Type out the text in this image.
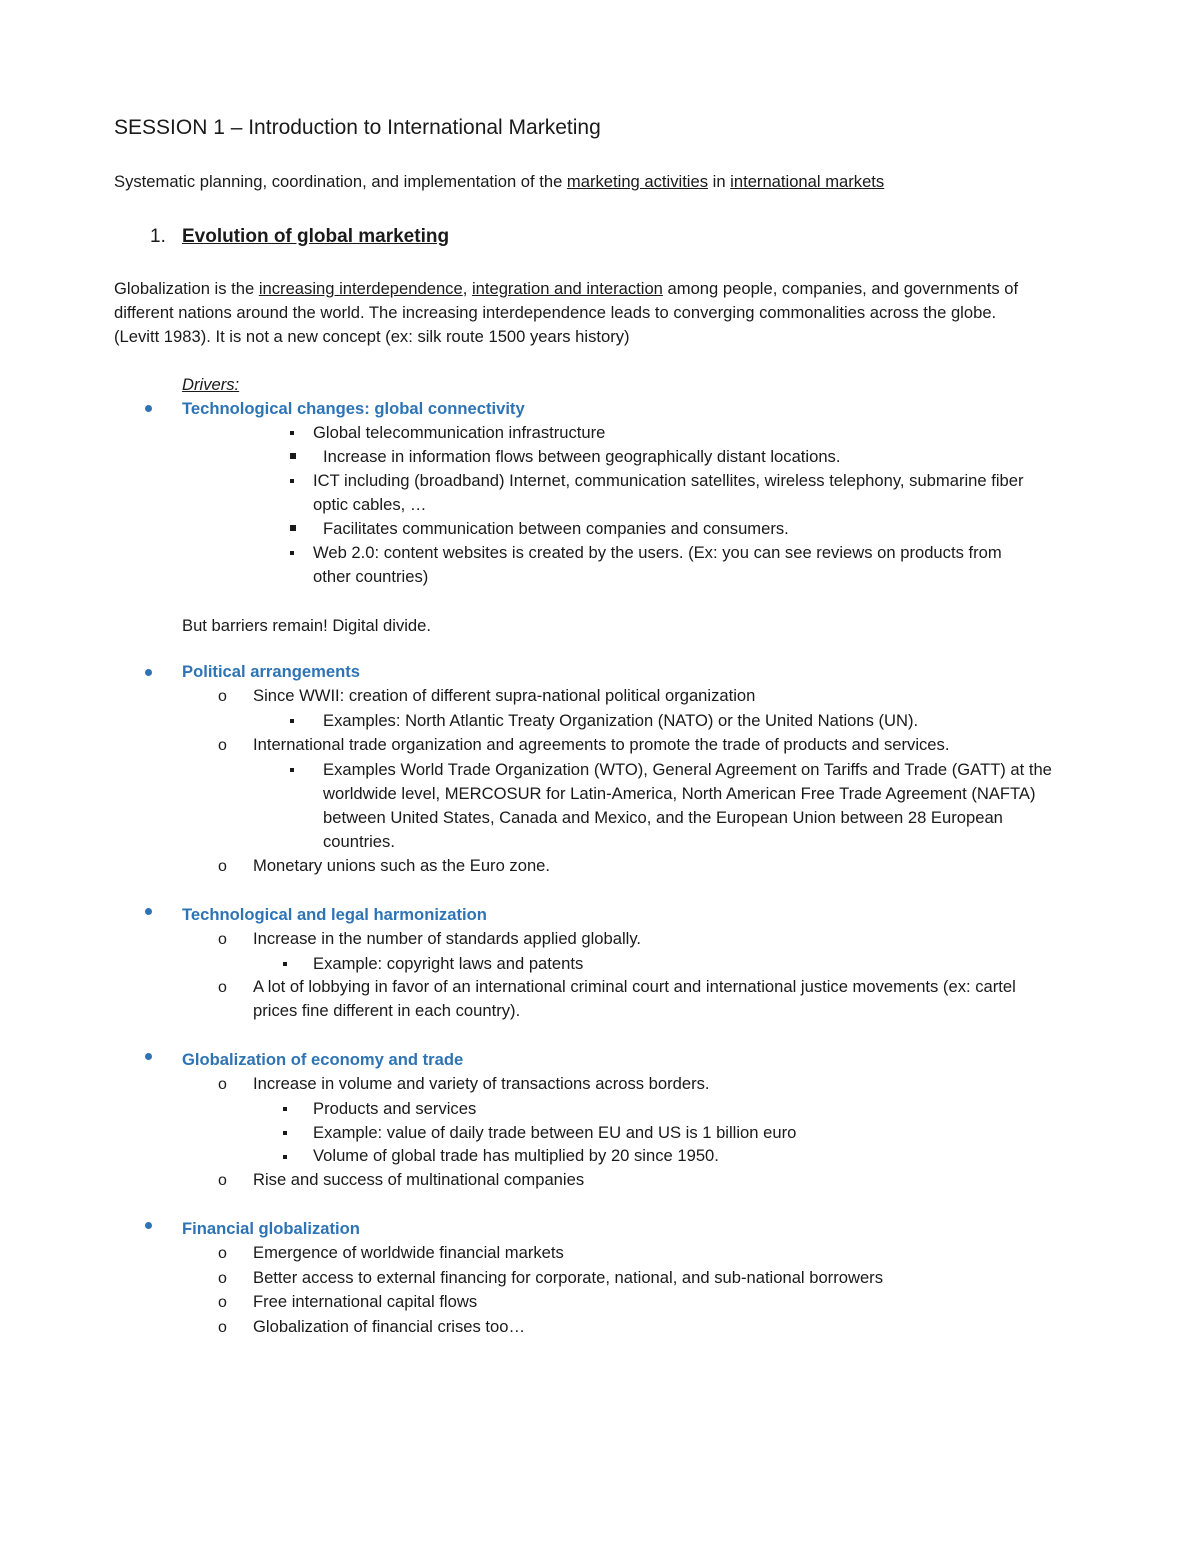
SESSION 1 – Introduction to International Marketing
Systematic planning, coordination, and implementation of the marketing activities in international markets
1. Evolution of global marketing
Globalization is the increasing interdependence, integration and interaction among people, companies, and governments of
different nations around the world. The increasing interdependence leads to converging commonalities across the globe.
(Levitt 1983). It is not a new concept (ex: silk route 1500 years history)
Drivers:
Technological changes: global connectivity
Global telecommunication infrastructure
Increase in information flows between geographically distant locations.
ICT including (broadband) Internet, communication satellites, wireless telephony, submarine fiber
optic cables, …
Facilitates communication between companies and consumers.
Web 2.0: content websites is created by the users. (Ex: you can see reviews on products from
other countries)
But barriers remain! Digital divide.
Political arrangements
o Since WWII: creation of different supra-national political organization
Examples: North Atlantic Treaty Organization (NATO) or the United Nations (UN).
o International trade organization and agreements to promote the trade of products and services.
Examples World Trade Organization (WTO), General Agreement on Tariffs and Trade (GATT) at the
worldwide level, MERCOSUR for Latin-America, North American Free Trade Agreement (NAFTA)
between United States, Canada and Mexico, and the European Union between 28 European
countries.
o Monetary unions such as the Euro zone.
Technological and legal harmonization
o Increase in the number of standards applied globally.
Example: copyright laws and patents
o A lot of lobbying in favor of an international criminal court and international justice movements (ex: cartel
prices fine different in each country).
Globalization of economy and trade
o Increase in volume and variety of transactions across borders.
Products and services
Example: value of daily trade between EU and US is 1 billion euro
Volume of global trade has multiplied by 20 since 1950.
o Rise and success of multinational companies
Financial globalization
o Emergence of worldwide financial markets
o Better access to external financing for corporate, national, and sub-national borrowers
o Free international capital flows
o Globalization of financial crises too…
